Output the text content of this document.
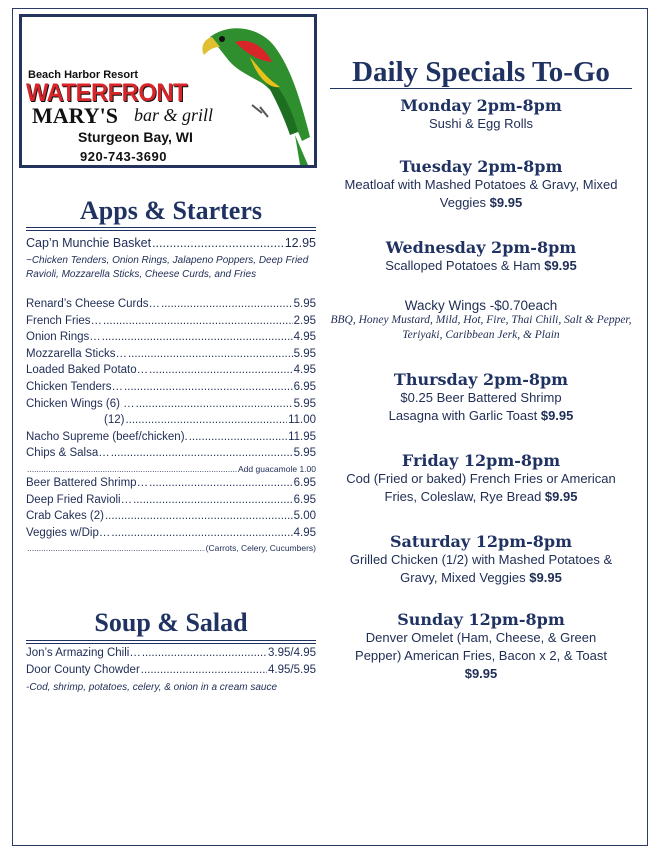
Beach Harbor Resort
WATERFRONT
MARY'S bar & grill
Sturgeon Bay, WI
920-743-3690
Apps & Starters
Cap’n Munchie Basket .....	12.95
~Chicken Tenders, Onion Rings, Jalapeno Poppers, Deep Fried Ravioli, Mozzarella Sticks, Cheese Curds, and Fries
Renard’s Cheese Curds… .....	5.95
French Fries… .....	2.95
Onion Rings… .....	4.95
Mozzarella Sticks… .....	5.95
Loaded Baked Potato… .....	4.95
Chicken Tenders… .....	6.95
Chicken Wings (6) … .....	5.95
(12) .....	11.00
Nacho Supreme (beef/chicken). .....	11.95
Chips & Salsa… .....	5.95
.....
Add guacamole 1.00
Beer Battered Shrimp… .....	6.95
Deep Fried Ravioli… .....	6.95
Crab Cakes (2) .....	5.00
Veggies w/Dip… .....	4.95
.....
(Carrots, Celery, Cucumbers)
Soup & Salad
Jon’s Armazing Chili… .....	3.95/4.95
Door County Chowder .....	4.95/5.95
-Cod, shrimp, potatoes, celery, & onion in a cream sauce
Daily Specials To-Go
Monday 2pm-8pm
Sushi & Egg Rolls
Tuesday 2pm-8pm
Meatloaf with Mashed Potatoes & Gravy, Mixed Veggies $9.95
Wednesday 2pm-8pm
Scalloped Potatoes & Ham $9.95
Wacky Wings -$0.70each
BBQ, Honey Mustard, Mild, Hot, Fire, Thai Chili, Salt & Pepper, Teriyaki, Caribbean Jerk, & Plain
Thursday 2pm-8pm
$0.25 Beer Battered Shrimp
Lasagna with Garlic Toast $9.95
Friday 12pm-8pm
Cod (Fried or baked) French Fries or American Fries, Coleslaw, Rye Bread $9.95
Saturday 12pm-8pm
Grilled Chicken (1/2) with Mashed Potatoes & Gravy, Mixed Veggies $9.95
Sunday 12pm-8pm
Denver Omelet (Ham, Cheese, & Green Pepper) American Fries, Bacon x 2, & Toast
$9.95
